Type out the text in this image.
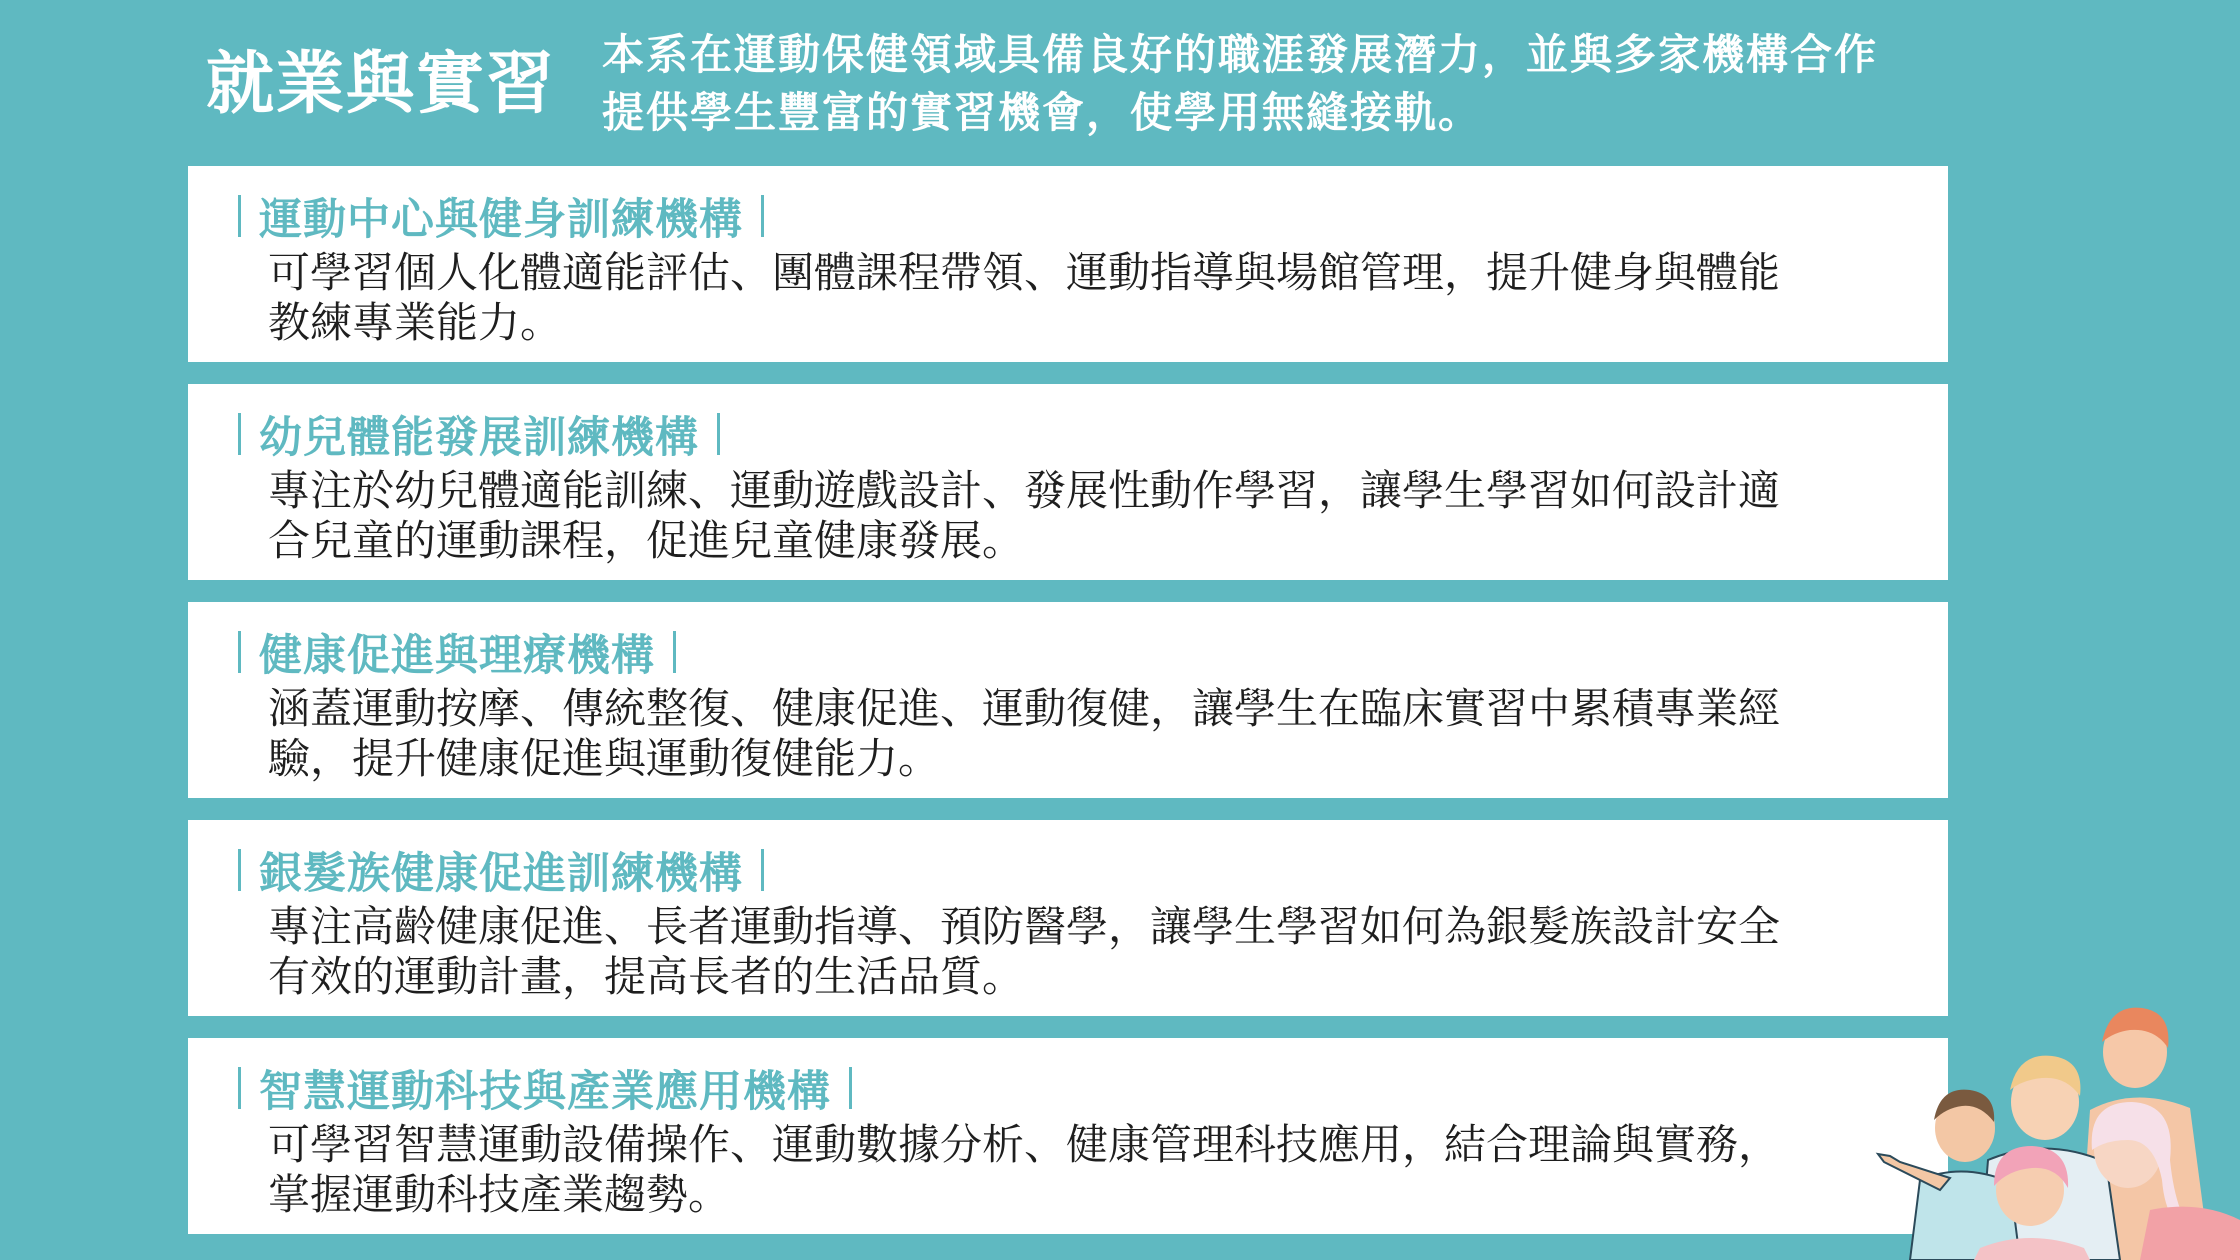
就業與實習 本系在運動保健領域具備良好的職涯發展潛力，並與多家機構合作
提供學生豐富的實習機會，使學用無縫接軌。
運動中心與健身訓練機構
可學習個人化體適能評估、團體課程帶領、運動指導與場館管理，提升健身與體能
教練專業能力。
幼兒體能發展訓練機構
專注於幼兒體適能訓練、運動遊戲設計、發展性動作學習，讓學生學習如何設計適
合兒童的運動課程，促進兒童健康發展。
健康促進與理療機構
涵蓋運動按摩、傳統整復、健康促進、運動復健，讓學生在臨床實習中累積專業經
驗，提升健康促進與運動復健能力。
銀髮族健康促進訓練機構
專注高齡健康促進、長者運動指導、預防醫學，讓學生學習如何為銀髮族設計安全
有效的運動計畫，提高長者的生活品質。
智慧運動科技與產業應用機構
可學習智慧運動設備操作、運動數據分析、健康管理科技應用，結合理論與實務，
掌握運動科技產業趨勢。
